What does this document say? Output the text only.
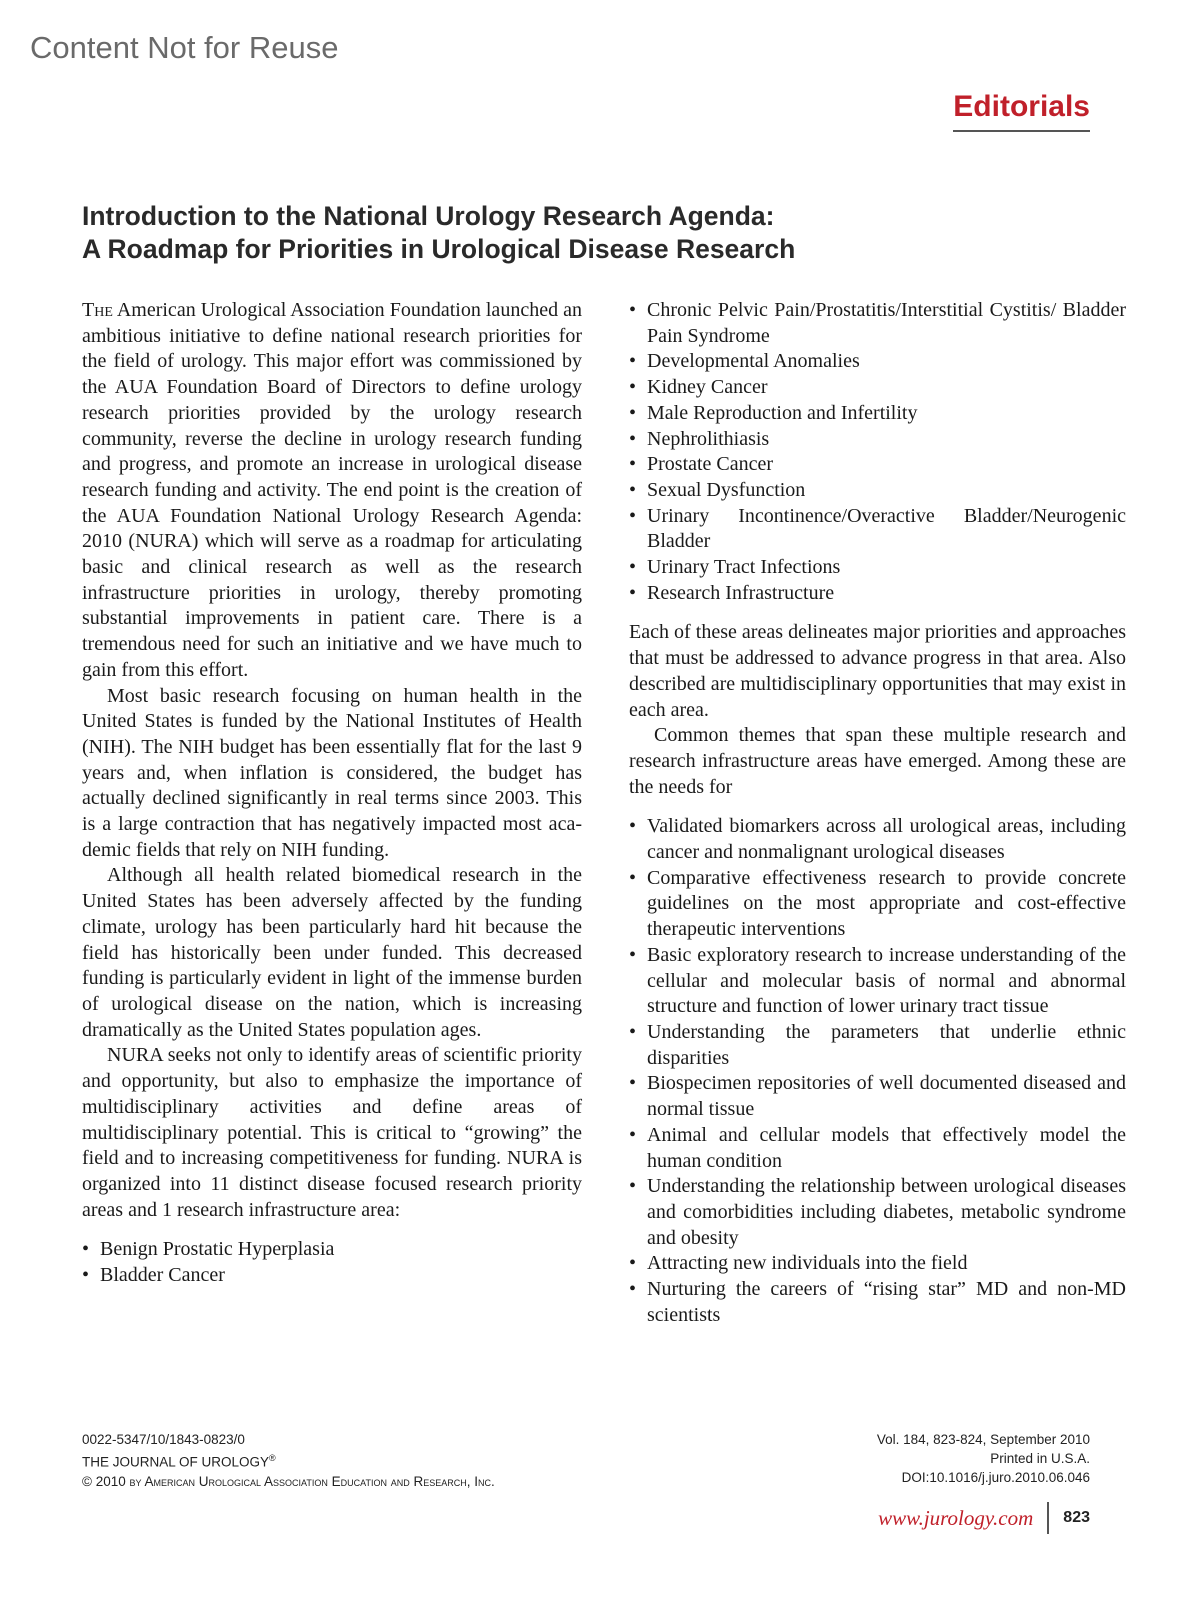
Content Not for Reuse
Editorials
Introduction to the National Urology Research Agenda:
A Roadmap for Priorities in Urological Disease Research

The American Urological Association Foundation launched an ambitious initiative to define national research priorities for the field of urology. This major effort was commissioned by the AUA Foundation Board of Directors to define urology research priorities provided by the urology research community, reverse the decline in urology research funding and progress, and promote an increase in urological disease research funding and activity. The end point is the creation of the AUA Foundation National Urology Research Agenda: 2010 (NURA) which will serve as a roadmap for articulating basic and clinical research as well as the research infrastructure priorities in urology, thereby promoting substantial improvements in patient care. There is a tremendous need for such an initiative and we have much to gain from this effort.

Most basic research focusing on human health in the United States is funded by the National Institutes of Health (NIH). The NIH budget has been essentially flat for the last 9 years and, when inflation is considered, the budget has actually declined significantly in real terms since 2003. This is a large contraction that has negatively impacted most academic fields that rely on NIH funding.

Although all health related biomedical research in the United States has been adversely affected by the funding climate, urology has been particularly hard hit because the field has historically been under funded. This decreased funding is particularly evident in light of the immense burden of urological disease on the nation, which is increasing dramatically as the United States population ages.

NURA seeks not only to identify areas of scientific priority and opportunity, but also to emphasize the importance of multidisciplinary activities and define areas of multidisciplinary potential. This is critical to “growing” the field and to increasing competitiveness for funding. NURA is organized into 11 distinct disease focused research priority areas and 1 research infrastructure area:

• Benign Prostatic Hyperplasia
• Bladder Cancer
• Chronic Pelvic Pain/Prostatitis/Interstitial Cystitis/ Bladder Pain Syndrome
• Developmental Anomalies
• Kidney Cancer
• Male Reproduction and Infertility
• Nephrolithiasis
• Prostate Cancer
• Sexual Dysfunction
• Urinary Incontinence/Overactive Bladder/Neurogenic Bladder
• Urinary Tract Infections
• Research Infrastructure

Each of these areas delineates major priorities and approaches that must be addressed to advance progress in that area. Also described are multidisciplinary opportunities that may exist in each area.

Common themes that span these multiple research and research infrastructure areas have emerged. Among these are the needs for

• Validated biomarkers across all urological areas, including cancer and nonmalignant urological diseases
• Comparative effectiveness research to provide concrete guidelines on the most appropriate and cost-effective therapeutic interventions
• Basic exploratory research to increase understanding of the cellular and molecular basis of normal and abnormal structure and function of lower urinary tract tissue
• Understanding the parameters that underlie ethnic disparities
• Biospecimen repositories of well documented diseased and normal tissue
• Animal and cellular models that effectively model the human condition
• Understanding the relationship between urological diseases and comorbidities including diabetes, metabolic syndrome and obesity
• Attracting new individuals into the field
• Nurturing the careers of “rising star” MD and non-MD scientists
0022-5347/10/1843-0823/0
THE JOURNAL OF UROLOGY®
© 2010 by American Urological Association Education and Research, Inc.
Vol. 184, 823-824, September 2010
Printed in U.S.A.
DOI:10.1016/j.juro.2010.06.046
www.jurology.com	823
